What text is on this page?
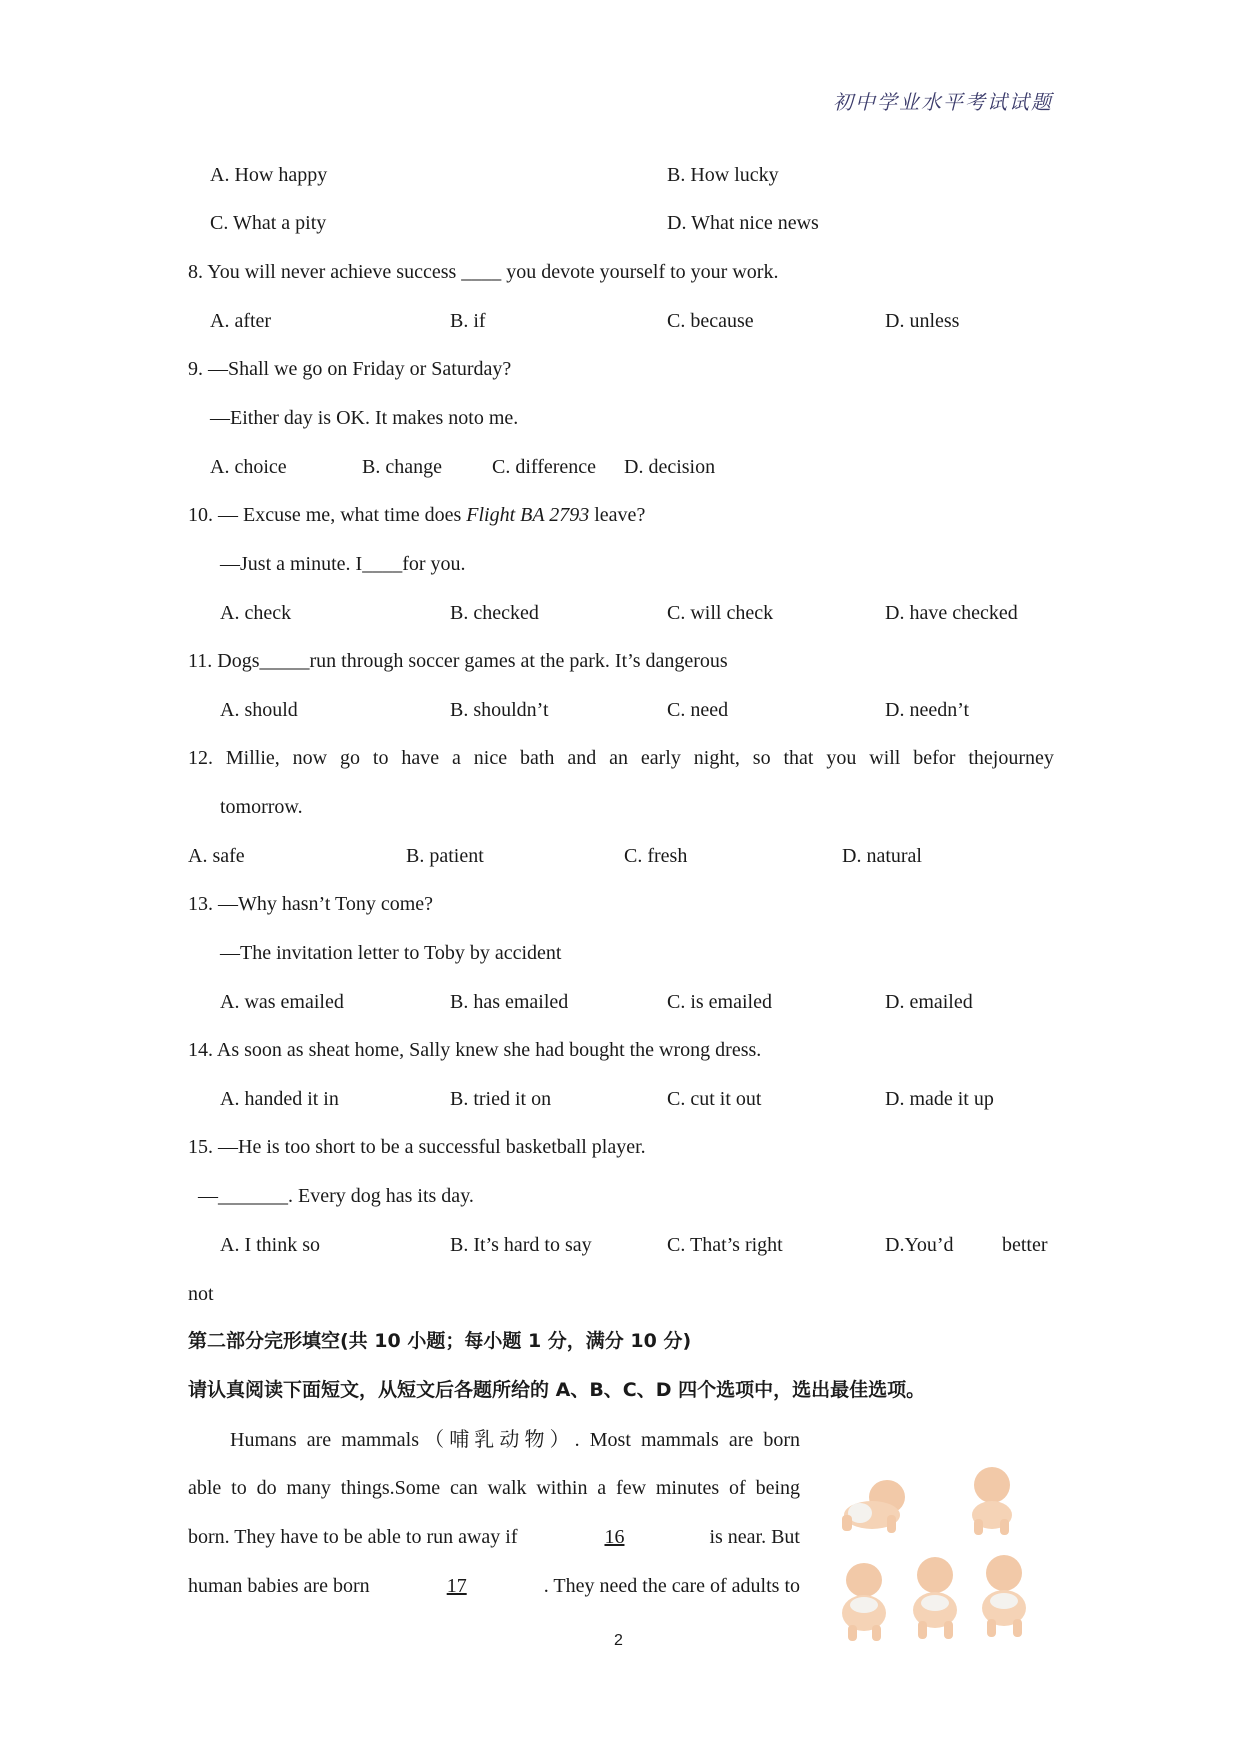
初中学业水平考试试题
A. How happy	B. How lucky
C. What a pity	D. What nice news
8. You will never achieve success ____ you devote yourself to your work.
A. after	B. if	C. because	D. unless
9. —Shall we go on Friday or Saturday?
—Either day is OK. It makes noto me.
A. choice	B. change	C. difference D. decision
10. — Excuse me, what time does Flight BA 2793 leave?
—Just a minute. I____for you.
A. check	B. checked	C. will check	D. have checked
11. Dogs_____run through soccer games at the park. It’s dangerous
A. should	B. shouldn’t	C. need	D. needn’t
12. Millie, now go to have a nice bath and an early night, so that you will befor thejourney
tomorrow.
A. safe	B. patient	C. fresh	D. natural
13. —Why hasn’t Tony come?
—The invitation letter to Toby by accident
A. was emailed	B. has emailed	C. is emailed	D. emailed
14. As soon as sheat home, Sally knew she had bought the wrong dress.
A. handed it in	B. tried it on	C. cut it out	D. made it up
15. —He is too short to be a successful basketball player.
—_______. Every dog has its day.
A. I think so	B. It’s hard to say	C. That’s right	D.You’d better
not
第二部分完形填空(共 10 小题；每小题 1 分，满分 10 分)
请认真阅读下面短文，从短文后各题所给的 A、B、C、D 四个选项中，选出最佳选项。
Humans are mammals（哺乳动物）. Most mammals are born
able to do many things.Some can walk within a few minutes of being
born. They have to be able to run away if	16	is near. But
human babies are born	17	. They need the care of adults to
2
